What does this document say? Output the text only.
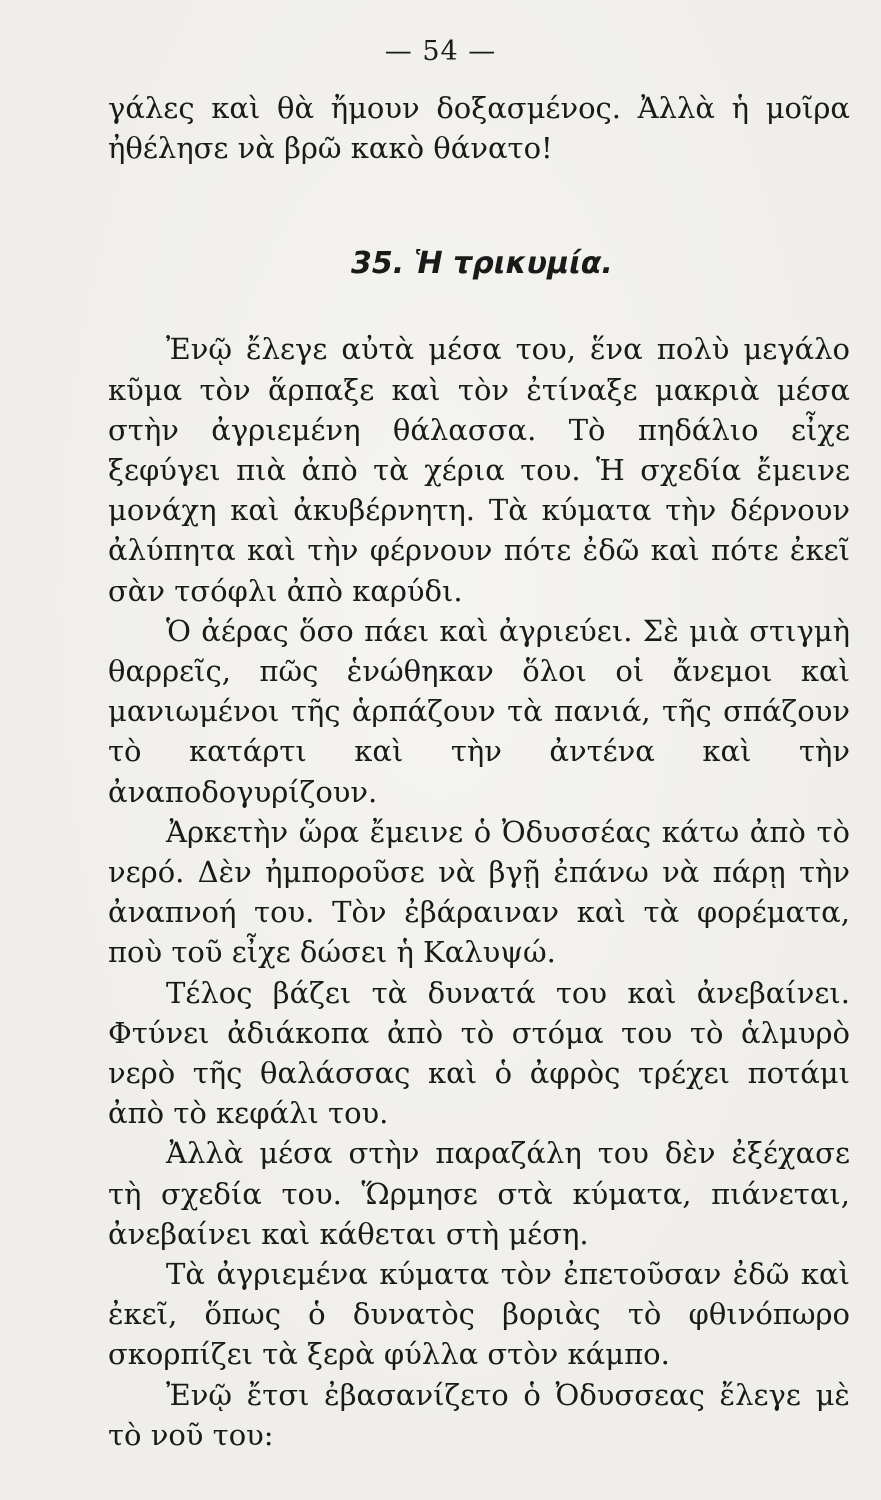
— 54 —

γάλες καὶ θὰ ἤμουν δοξασμένος. Ἀλλὰ ἡ μοῖρα ἠθέλησε νὰ βρῶ κακὸ θάνατο!

35. Ἡ τρικυμία.

Ἐνῷ ἔλεγε αὐτὰ μέσα του, ἕνα πολὺ μεγάλο κῦμα τὸν ἅρπαξε καὶ τὸν ἐτίναξε μακριὰ μέσα στὴν ἀγριεμένη θάλασσα. Τὸ πηδάλιο εἶχε ξεφύγει πιὰ ἀπὸ τὰ χέρια του. Ἡ σχεδία ἔμεινε μονάχη καὶ ἀκυβέρνητη. Τὰ κύματα τὴν δέρνουν ἀλύπητα καὶ τὴν φέρνουν πότε ἐδῶ καὶ πότε ἐκεῖ σὰν τσόφλι ἀπὸ καρύδι.

Ὁ ἀέρας ὅσο πάει καὶ ἀγριεύει. Σὲ μιὰ στιγμὴ θαρρεῖς, πῶς ἑνώθηκαν ὅλοι οἱ ἄνεμοι καὶ μανιωμένοι τῆς ἁρπάζουν τὰ πανιά, τῆς σπάζουν τὸ κατάρτι καὶ τὴν ἀντένα καὶ τὴν ἀναποδογυρίζουν.

Ἀρκετὴν ὥρα ἔμεινε ὁ Ὀδυσσέας κάτω ἀπὸ τὸ νερό. Δὲν ἠμποροῦσε νὰ βγῇ ἐπάνω νὰ πάρῃ τὴν ἀναπνοή του. Τὸν ἐβάραιναν καὶ τὰ φορέματα, ποὺ τοῦ εἶχε δώσει ἡ Καλυψώ.

Τέλος βάζει τὰ δυνατά του καὶ ἀνεβαίνει. Φτύνει ἀδιάκοπα ἀπὸ τὸ στόμα του τὸ ἁλμυρὸ νερὸ τῆς θαλάσσας καὶ ὁ ἀφρὸς τρέχει ποτάμι ἀπὸ τὸ κεφάλι του.

Ἀλλὰ μέσα στὴν παραζάλη του δὲν ἐξέχασε τὴ σχεδία του. Ὥρμησε στὰ κύματα, πιάνεται, ἀνεβαίνει καὶ κάθεται στὴ μέση.

Τὰ ἀγριεμένα κύματα τὸν ἐπετοῦσαν ἐδῶ καὶ ἐκεῖ, ὅπως ὁ δυνατὸς βοριὰς τὸ φθινόπωρο σκορπίζει τὰ ξερὰ φύλλα στὸν κάμπο.

Ἐνῷ ἔτσι ἐβασανίζετο ὁ Ὀδυσσεας ἔλεγε μὲ τὸ νοῦ του:
